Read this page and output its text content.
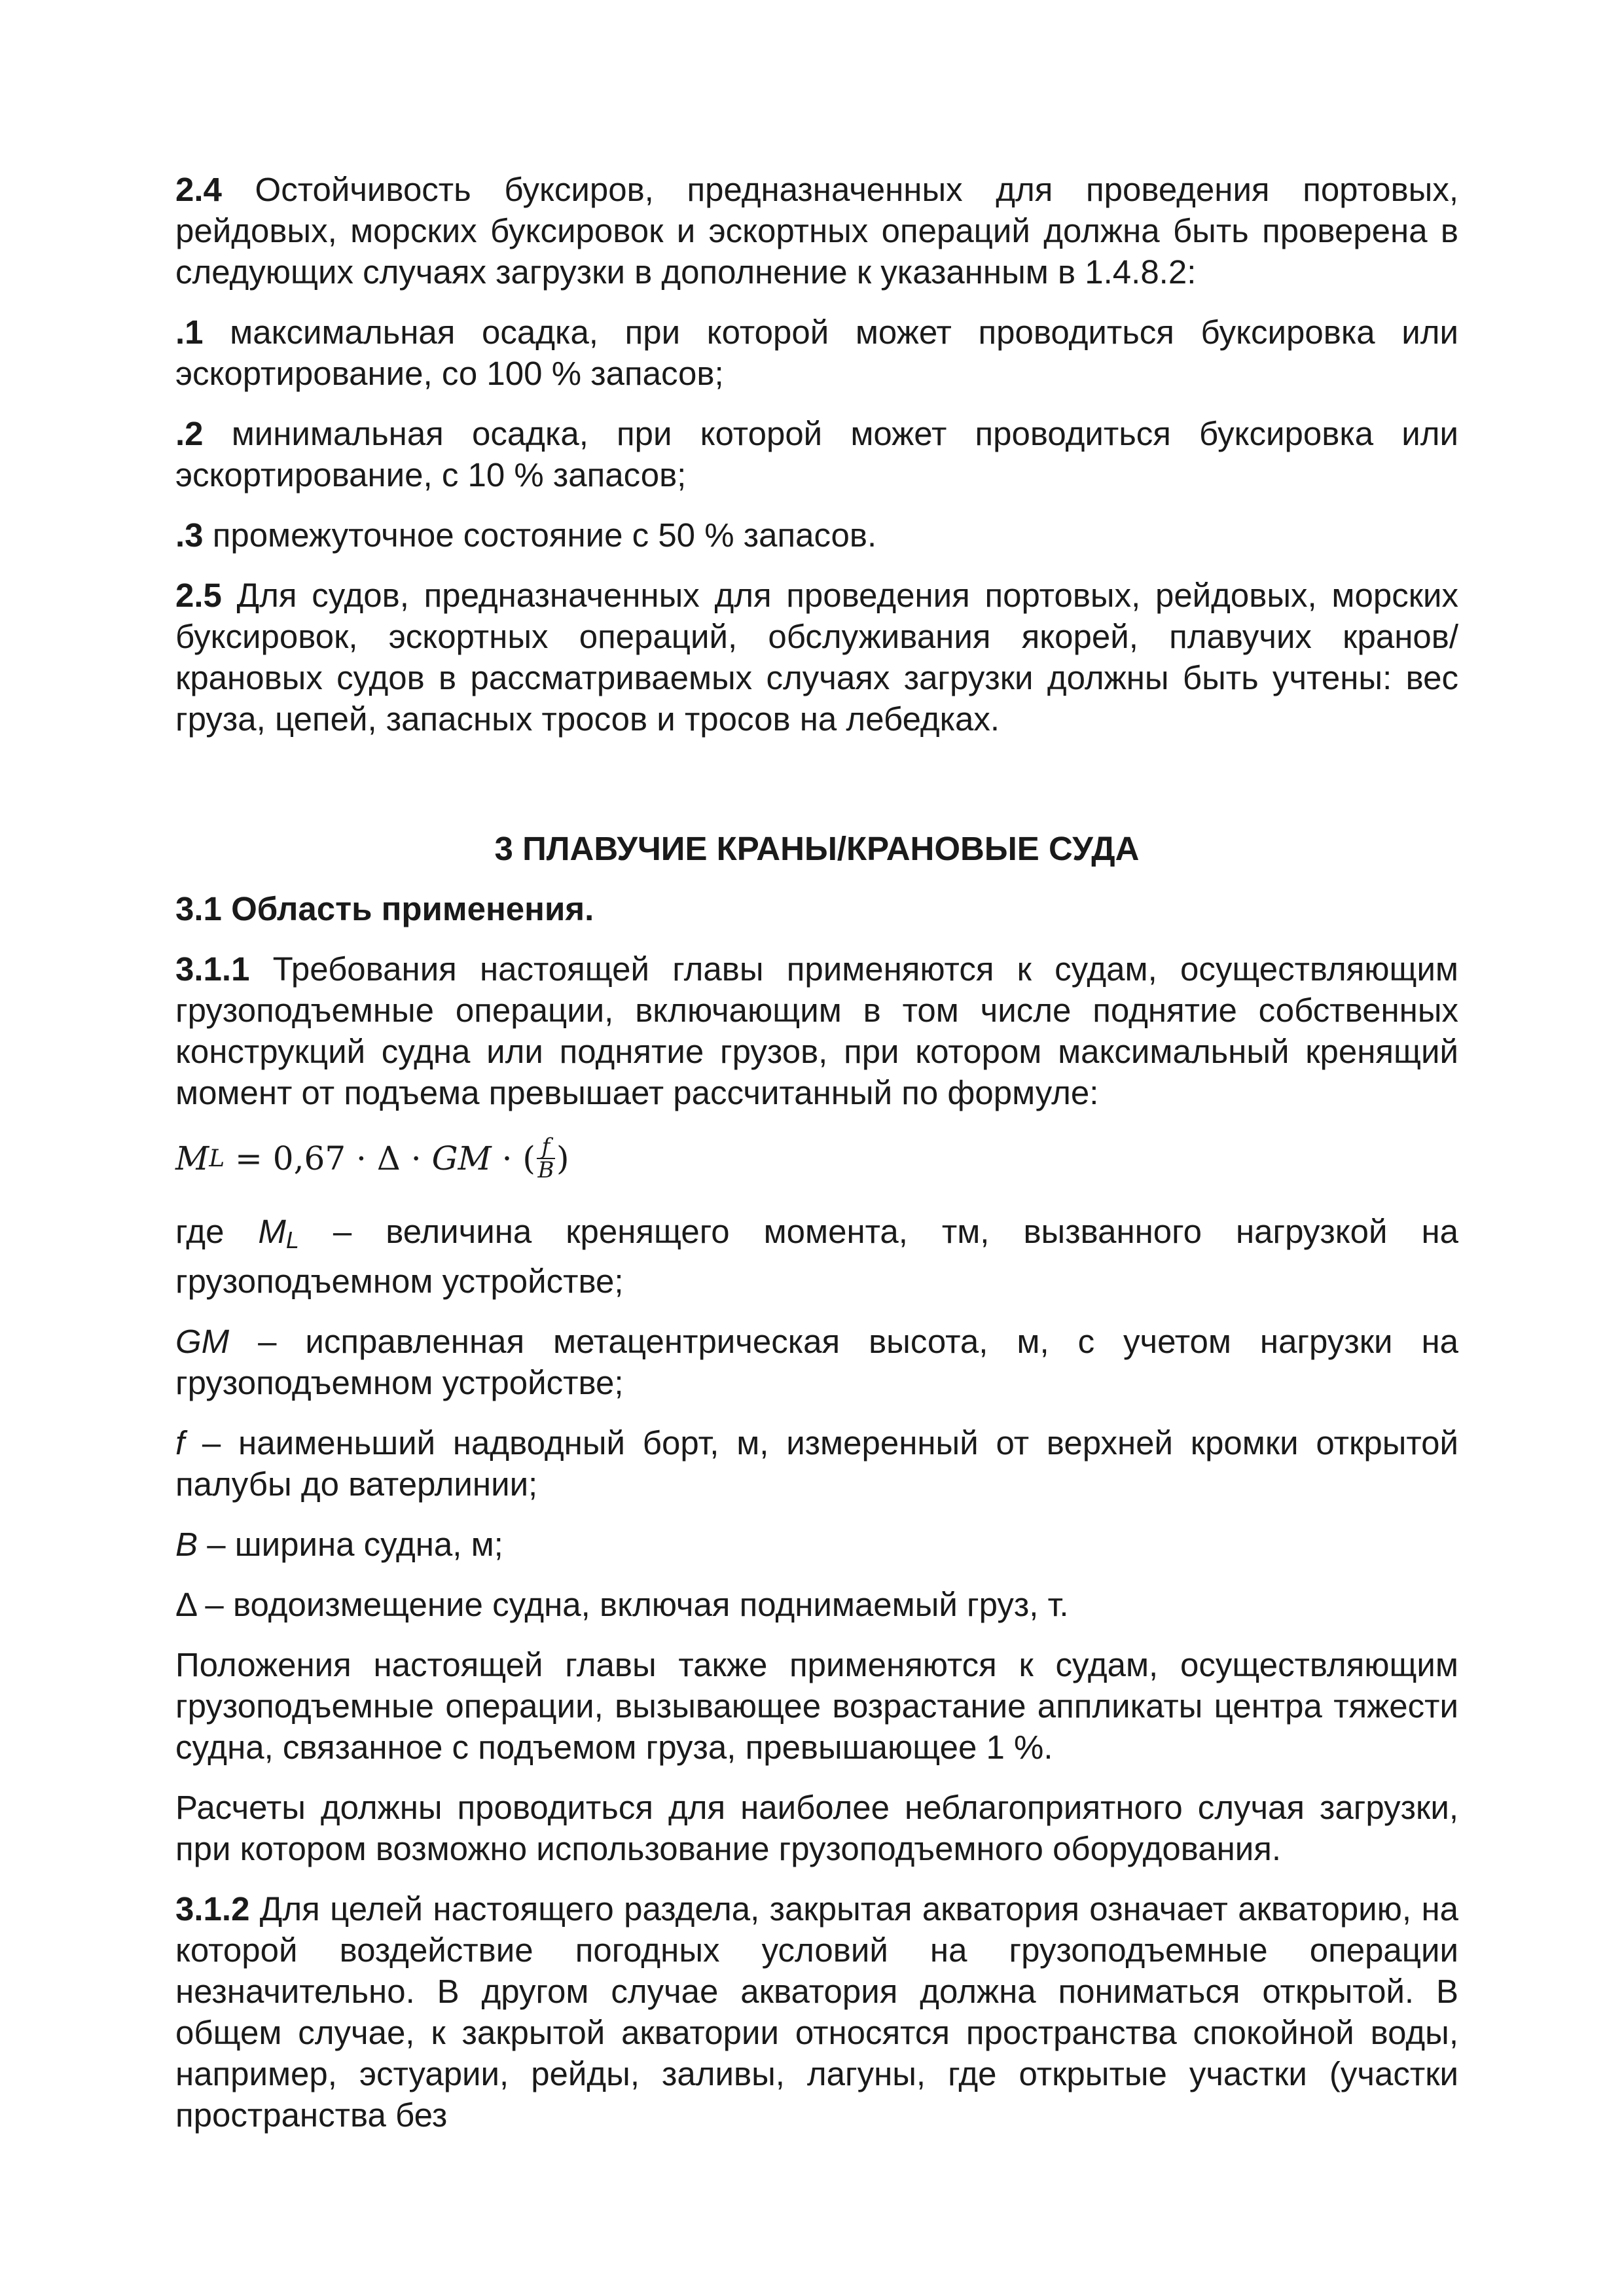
2.4 Остойчивость буксиров, предназначенных для проведения портовых, рейдовых, морских буксировок и эскортных операций должна быть проверена в следующих случаях загрузки в дополнение к указанным в 1.4.8.2:

.1 максимальная осадка, при которой может проводиться буксировка или эскортирование, со 100 % запасов;

.2 минимальная осадка, при которой может проводиться буксировка или эскортирование, с 10 % запасов;

.3 промежуточное состояние с 50 % запасов.

2.5 Для судов, предназначенных для проведения портовых, рейдовых, морских буксировок, эскортных операций, обслуживания якорей, плавучих кранов/крановых судов в рассматриваемых случаях загрузки должны быть учтены: вес груза, цепей, запасных тросов и тросов на лебедках.

3 ПЛАВУЧИЕ КРАНЫ/КРАНОВЫЕ СУДА
3.1 Область применения.

3.1.1 Требования настоящей главы применяются к судам, осуществляющим грузоподъемные операции, включающим в том числе поднятие собственных конструкций судна или поднятие грузов, при котором максимальный кренящий момент от подъема превышает рассчитанный по формуле:

M L = 0,67 · Δ · GM · ( $\frac{f}{B}$ )

где $M_L$ – величина кренящего момента, тм, вызванного нагрузкой на грузоподъемном устройстве;

GM – исправленная метацентрическая высота, м, с учетом нагрузки на грузоподъемном устройстве;

f – наименьший надводный борт, м, измеренный от верхней кромки открытой палубы до ватерлинии;

B – ширина судна, м;

Δ – водоизмещение судна, включая поднимаемый груз, т.

Положения настоящей главы также применяются к судам, осуществляющим грузоподъемные операции, вызывающее возрастание аппликаты центра тяжести судна, связанное с подъемом груза, превышающее 1 %.

Расчеты должны проводиться для наиболее неблагоприятного случая загрузки, при котором возможно использование грузоподъемного оборудования.

3.1.2 Для целей настоящего раздела, закрытая акватория означает акваторию, на которой воздействие погодных условий на грузоподъемные операции незначительно. В другом случае акватория должна пониматься открытой. В общем случае, к закрытой акватории относятся пространства спокойной воды, например, эстуарии, рейды, заливы, лагуны, где открытые участки (участки пространства без
